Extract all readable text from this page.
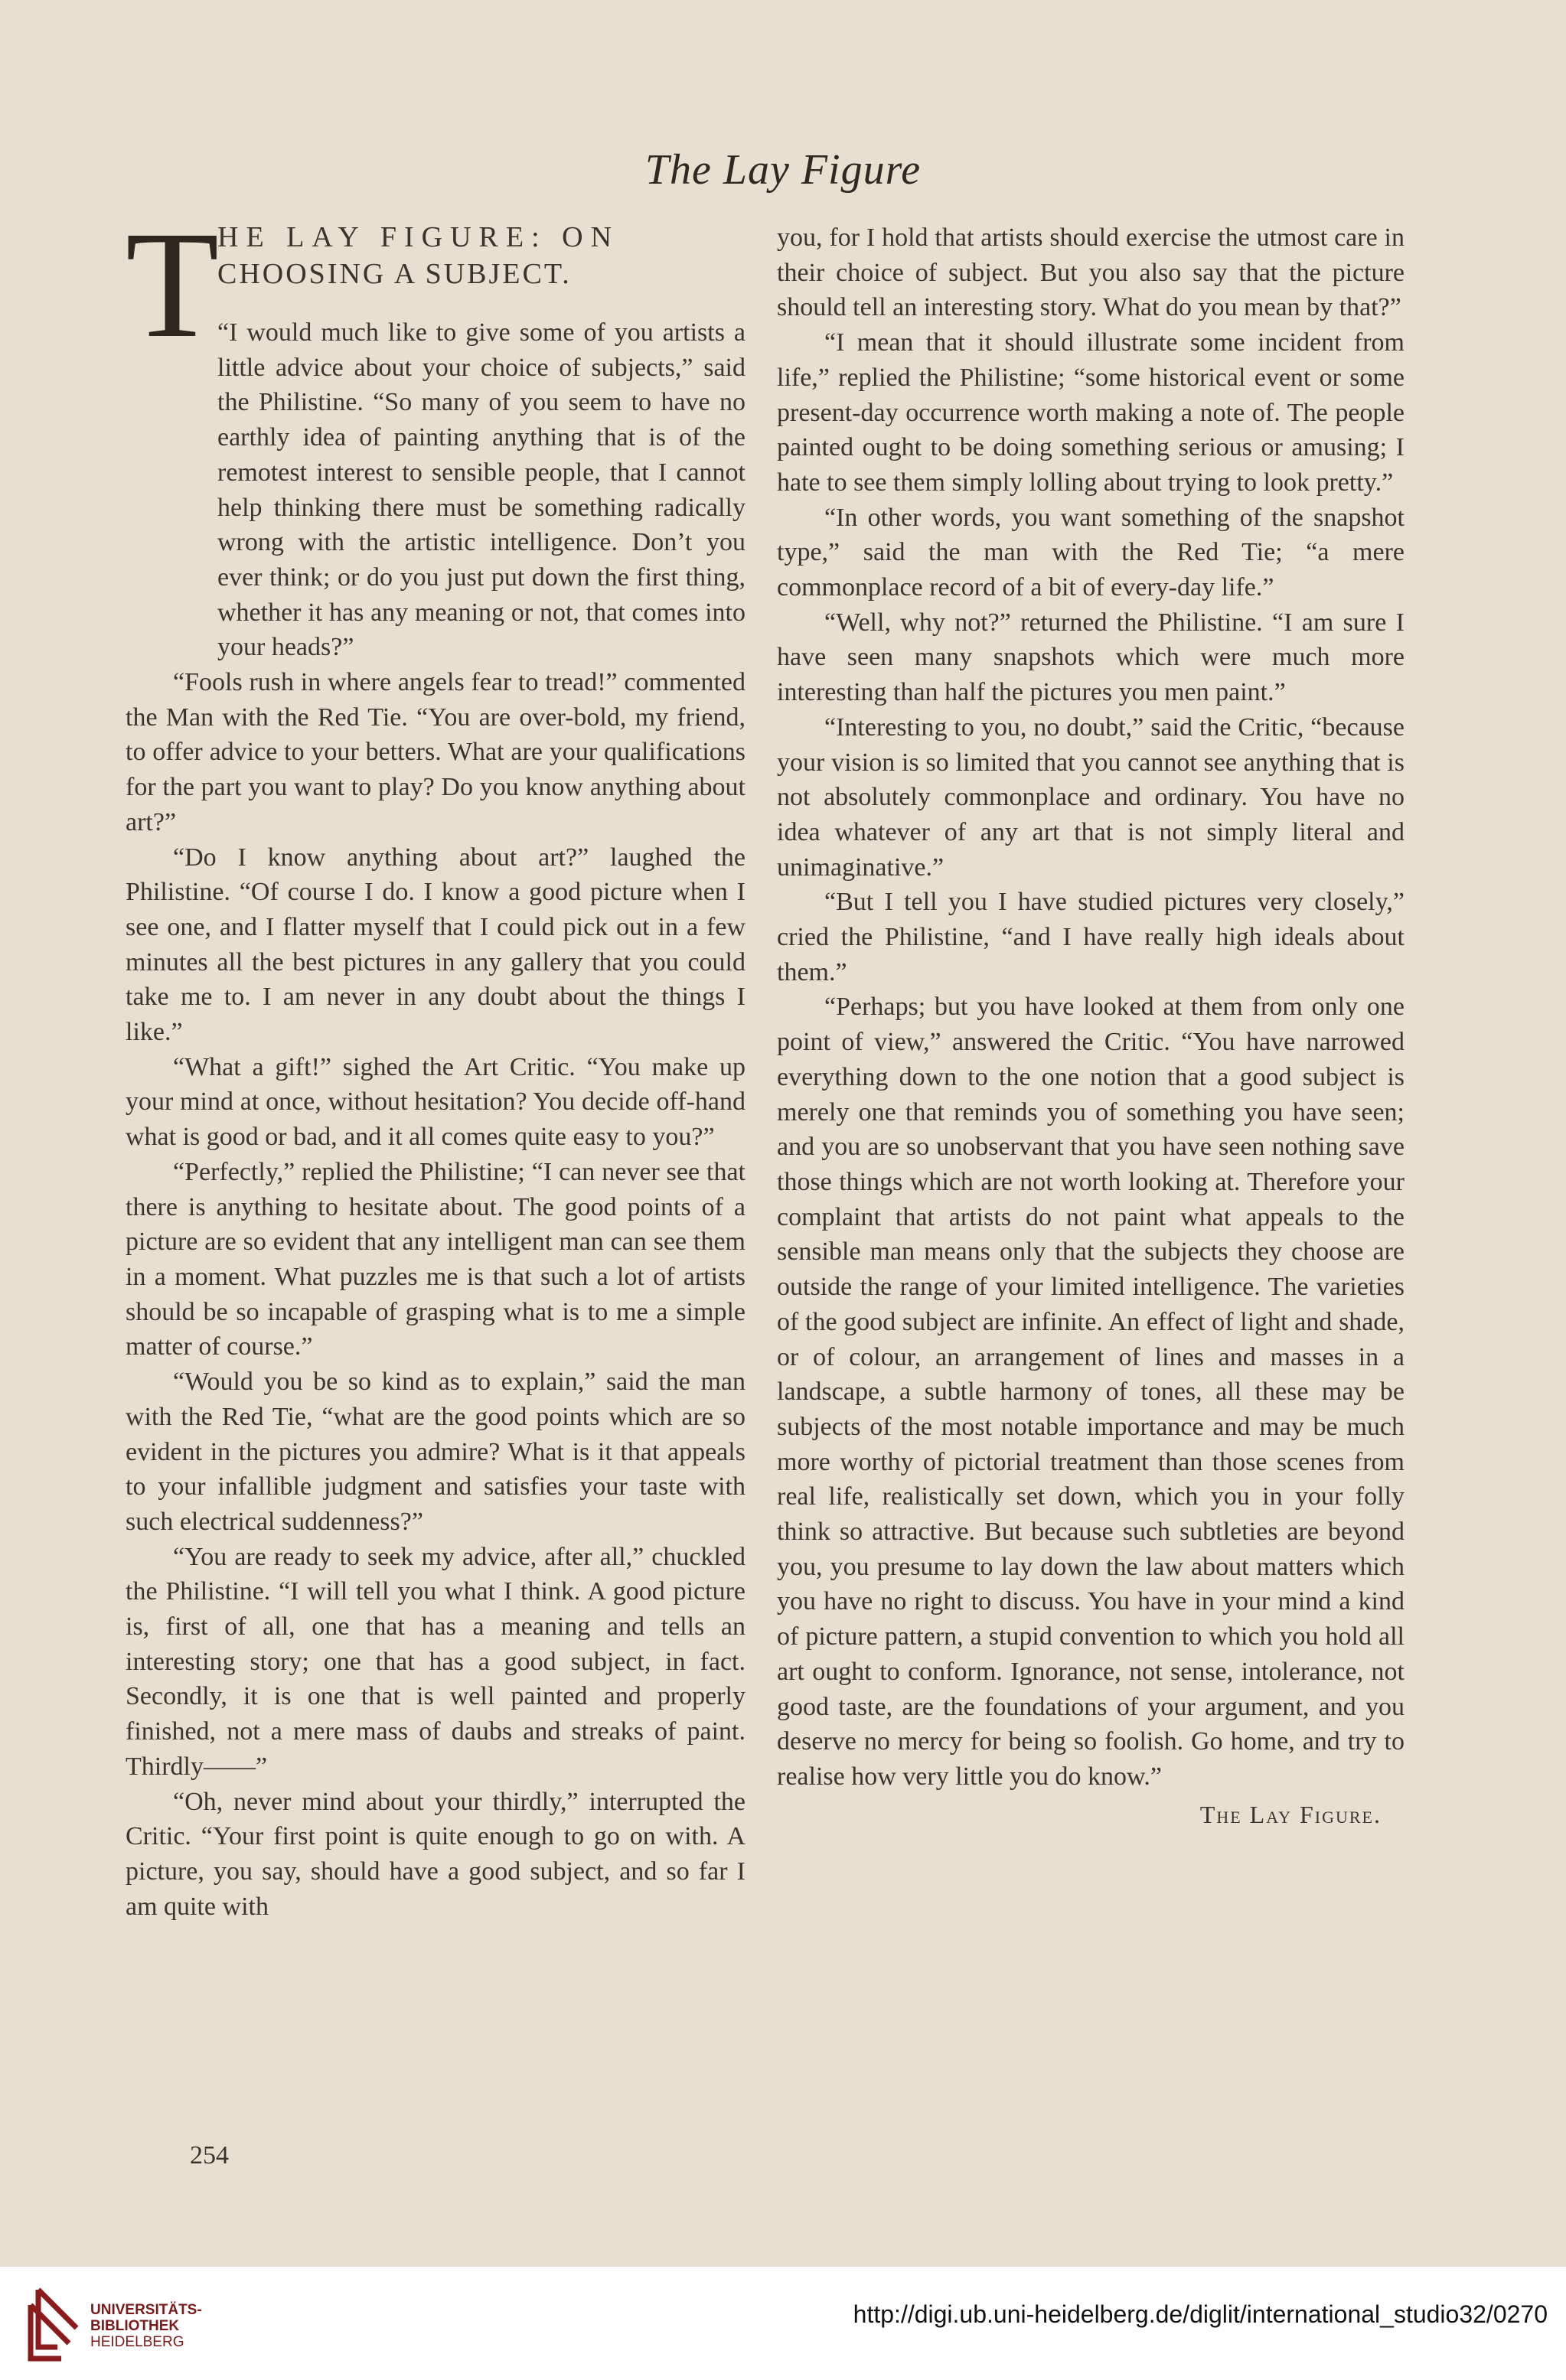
The Lay Figure
T
HE LAY FIGURE: ON
CHOOSING A SUBJECT.

“I would much like to give some of you artists a little advice about your choice of subjects,” said the Philistine. “So many of you seem to have no earthly idea of painting anything that is of the remotest interest to sensible people, that I cannot help thinking there must be something radically wrong with the artistic intelligence. Don’t you ever think; or do you just put down the first thing, whether it has any meaning or not, that comes into your heads?”

“Fools rush in where angels fear to tread!” commented the Man with the Red Tie. “You are over-bold, my friend, to offer advice to your betters. What are your qualifications for the part you want to play? Do you know anything about art?”

“Do I know anything about art?” laughed the Philistine. “Of course I do. I know a good picture when I see one, and I flatter myself that I could pick out in a few minutes all the best pictures in any gallery that you could take me to. I am never in any doubt about the things I like.”

“What a gift!” sighed the Art Critic. “You make up your mind at once, without hesitation? You decide off-hand what is good or bad, and it all comes quite easy to you?”

“Perfectly,” replied the Philistine; “I can never see that there is anything to hesitate about. The good points of a picture are so evident that any intelligent man can see them in a moment. What puzzles me is that such a lot of artists should be so incapable of grasping what is to me a simple matter of course.”

“Would you be so kind as to explain,” said the man with the Red Tie, “what are the good points which are so evident in the pictures you admire? What is it that appeals to your infallible judgment and satisfies your taste with such electrical suddenness?”

“You are ready to seek my advice, after all,” chuckled the Philistine. “I will tell you what I think. A good picture is, first of all, one that has a meaning and tells an interesting story; one that has a good subject, in fact. Secondly, it is one that is well painted and properly finished, not a mere mass of daubs and streaks of paint. Thirdly——”

“Oh, never mind about your thirdly,” interrupted the Critic. “Your first point is quite enough to go on with. A picture, you say, should have a good subject, and so far I am quite with

you, for I hold that artists should exercise the utmost care in their choice of subject. But you also say that the picture should tell an interesting story. What do you mean by that?”

“I mean that it should illustrate some incident from life,” replied the Philistine; “some historical event or some present-day occurrence worth making a note of. The people painted ought to be doing something serious or amusing; I hate to see them simply lolling about trying to look pretty.”

“In other words, you want something of the snapshot type,” said the man with the Red Tie; “a mere commonplace record of a bit of every-day life.”

“Well, why not?” returned the Philistine. “I am sure I have seen many snapshots which were much more interesting than half the pictures you men paint.”

“Interesting to you, no doubt,” said the Critic, “because your vision is so limited that you cannot see anything that is not absolutely commonplace and ordinary. You have no idea whatever of any art that is not simply literal and unimaginative.”

“But I tell you I have studied pictures very closely,” cried the Philistine, “and I have really high ideals about them.”

“Perhaps; but you have looked at them from only one point of view,” answered the Critic. “You have narrowed everything down to the one notion that a good subject is merely one that reminds you of something you have seen; and you are so unobservant that you have seen nothing save those things which are not worth looking at. Therefore your complaint that artists do not paint what appeals to the sensible man means only that the subjects they choose are outside the range of your limited intelligence. The varieties of the good subject are infinite. An effect of light and shade, or of colour, an arrangement of lines and masses in a landscape, a subtle harmony of tones, all these may be subjects of the most notable importance and may be much more worthy of pictorial treatment than those scenes from real life, realistically set down, which you in your folly think so attractive. But because such subtleties are beyond you, you presume to lay down the law about matters which you have no right to discuss. You have in your mind a kind of picture pattern, a stupid convention to which you hold all art ought to conform. Ignorance, not sense, intolerance, not good taste, are the foundations of your argument, and you deserve no mercy for being so foolish. Go home, and try to realise how very little you do know.”

The Lay Figure.
254
UNIVERSITÄTS-
BIBLIOTHEK
HEIDELBERG
http://digi.ub.uni-heidelberg.de/diglit/international_studio32/0270
